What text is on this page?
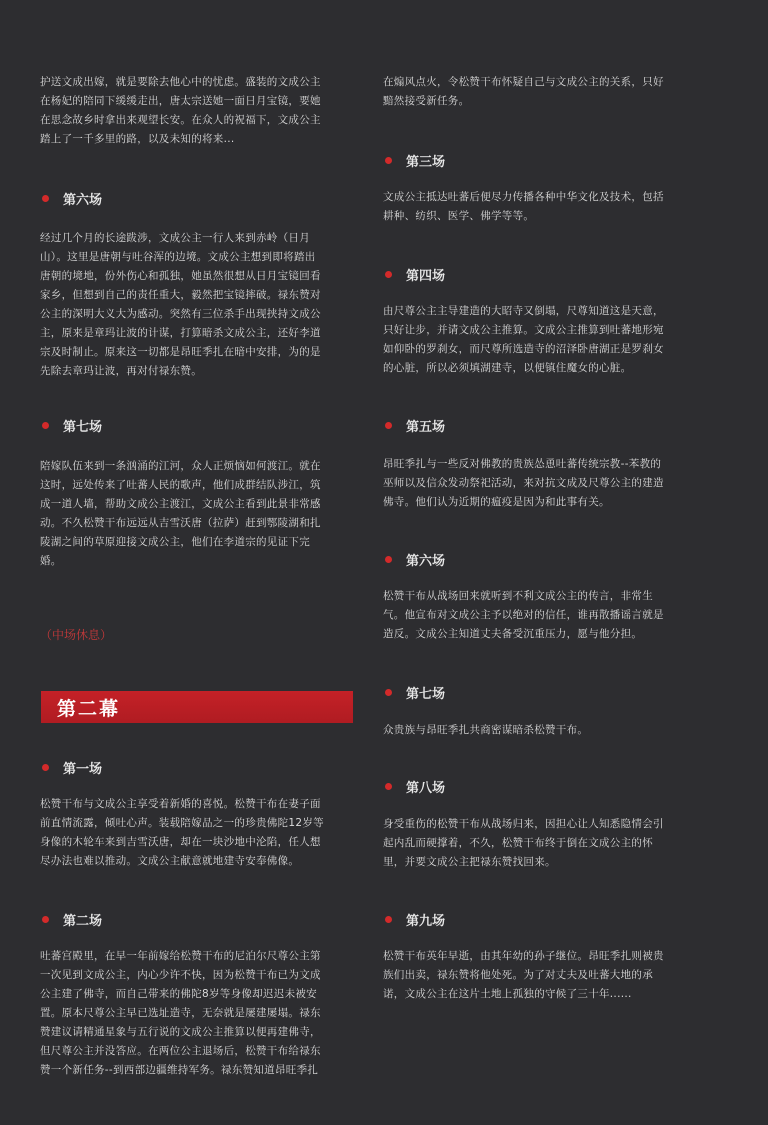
护送文成出嫁，就是要除去他心中的忧虑。盛装的文成公主
在杨妃的陪同下缓缓走出，唐太宗送她一面日月宝镜，要她
在思念故乡时拿出来观望长安。在众人的祝福下，文成公主
踏上了一千多里的路，以及未知的将来...

第六场

经过几个月的长途跋涉，文成公主一行人来到赤岭（日月
山）。这里是唐朝与吐谷浑的边境。文成公主想到即将踏出
唐朝的境地，份外伤心和孤独，她虽然很想从日月宝镜回看
家乡，但想到自己的责任重大，毅然把宝镜摔破。禄东赞对
公主的深明大义大为感动。突然有三位杀手出现挟持文成公
主，原来是章玛让波的计谋，打算暗杀文成公主，还好李道
宗及时制止。原来这一切都是昂旺季扎在暗中安排，为的是
先除去章玛让波，再对付禄东赞。

第七场

陪嫁队伍来到一条汹涌的江河，众人正烦恼如何渡江。就在
这时，远处传来了吐蕃人民的歌声，他们成群结队涉江，筑
成一道人墙，帮助文成公主渡江，文成公主看到此景非常感
动。不久松赞干布远远从吉雪沃唐（拉萨）赶到鄂陵湖和扎
陵湖之间的草原迎接文成公主，他们在李道宗的见证下完
婚。

（中场休息）

第二幕
第一场

松赞干布与文成公主享受着新婚的喜悦。松赞干布在妻子面
前直情流露，倾吐心声。装载陪嫁品之一的珍贵佛陀12岁等
身像的木轮车来到吉雪沃唐，却在一块沙地中沦陷，任人想
尽办法也难以推动。文成公主献意就地建寺安奉佛像。

第二场

吐蕃宫殿里，在早一年前嫁给松赞干布的尼泊尔尺尊公主第
一次见到文成公主，内心少许不快，因为松赞干布已为文成
公主建了佛寺，而自己带来的佛陀8岁等身像却迟迟未被安
置。原本尺尊公主早已选址造寺，无奈就是屡建屡塌。禄东
赞建议请精通星象与五行说的文成公主推算以便再建佛寺，
但尺尊公主并没答应。在两位公主退场后，松赞干布给禄东
赞一个新任务--到西部边疆维持军务。禄东赞知道昂旺季扎

在煽风点火，令松赞干布怀疑自己与文成公主的关系，只好
黯然接受新任务。

第三场

文成公主抵达吐蕃后便尽力传播各种中华文化及技术，包括
耕种、纺织、医学、佛学等等。

第四场

由尺尊公主主导建造的大昭寺又倒塌，尺尊知道这是天意，
只好让步，并请文成公主推算。文成公主推算到吐蕃地形宛
如仰卧的罗刹女，而尺尊所选造寺的沼泽卧唐湖正是罗刹女
的心脏，所以必须填湖建寺，以便镇住魔女的心脏。

第五场

昂旺季扎与一些反对佛教的贵族怂恿吐蕃传统宗教--苯教的
巫师以及信众发动祭祀活动，来对抗文成及尺尊公主的建造
佛寺。他们认为近期的瘟疫是因为和此事有关。

第六场

松赞干布从战场回来就听到不利文成公主的传言，非常生
气。他宣布对文成公主予以绝对的信任，谁再散播谣言就是
造反。文成公主知道丈夫备受沉重压力，愿与他分担。

第七场

众贵族与昂旺季扎共商密谋暗杀松赞干布。

第八场

身受重伤的松赞干布从战场归来，因担心让人知悉隐情会引
起内乱而硬撑着，不久，松赞干布终于倒在文成公主的怀
里，并要文成公主把禄东赞找回来。

第九场

松赞干布英年早逝，由其年幼的孙子继位。昂旺季扎则被贵
族们出卖，禄东赞将他处死。为了对丈夫及吐蕃大地的承
诺，文成公主在这片土地上孤独的守候了三十年......
